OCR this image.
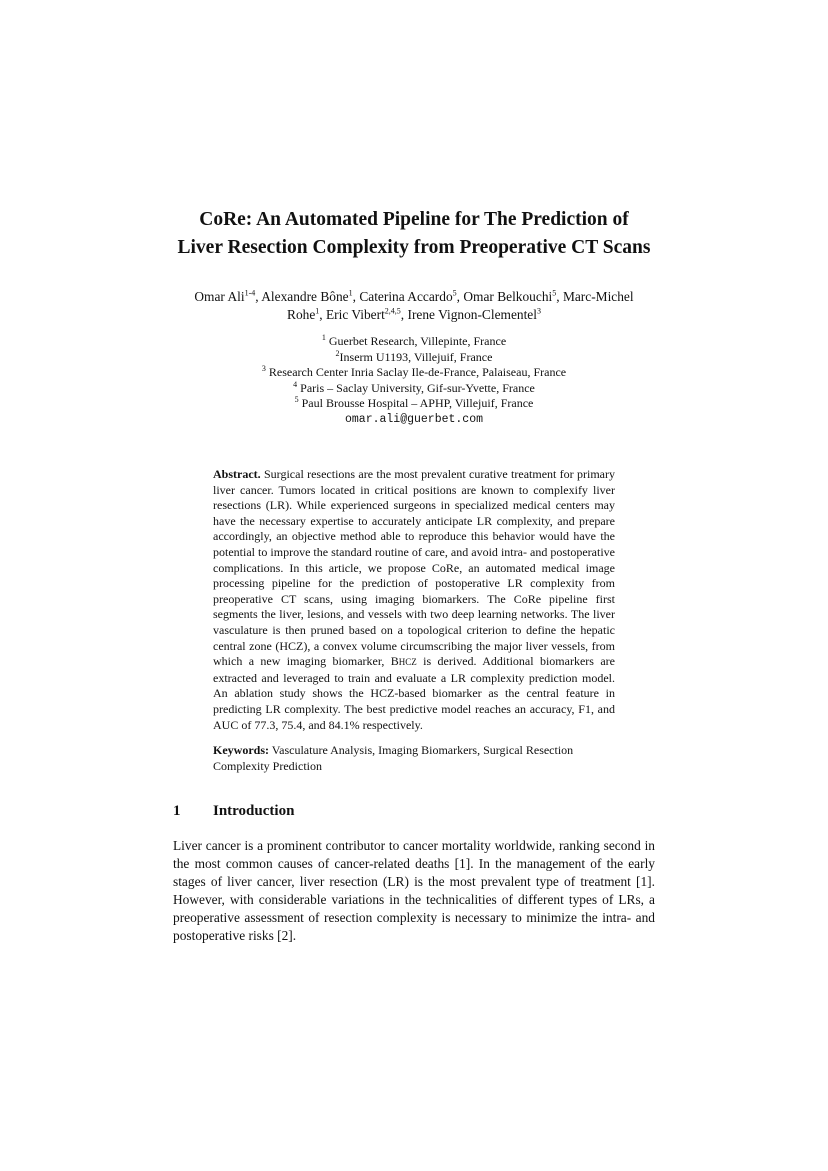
CoRe: An Automated Pipeline for The Prediction of
Liver Resection Complexity from Preoperative CT Scans
Omar Ali$^{1-4}$, Alexandre Bône$^1$, Caterina Accardo$^5$, Omar Belkouchi$^5$, Marc-Michel
Rohe$^1$, Eric Vibert$^{2,4,5}$, Irene Vignon-Clementel$^3$
$^1$ Guerbet Research, Villepinte, France
$^2$Inserm U1193, Villejuif, France
$^3$ Research Center Inria Saclay Ile-de-France, Palaiseau, France
$^4$ Paris – Saclay University, Gif-sur-Yvette, France
$^5$ Paul Brousse Hospital – APHP, Villejuif, France
omar.ali@guerbet.com

Abstract. Surgical resections are the most prevalent curative treatment for primary liver cancer. Tumors located in critical positions are known to complexify liver resections (LR). While experienced surgeons in specialized medical centers may have the necessary expertise to accurately anticipate LR complexity, and prepare accordingly, an objective method able to reproduce this behavior would have the potential to improve the standard routine of care, and avoid intra- and postoperative complications. In this article, we propose CoRe, an automated medical image processing pipeline for the prediction of postoperative LR complexity from preoperative CT scans, using imaging biomarkers. The CoRe pipeline first segments the liver, lesions, and vessels with two deep learning networks. The liver vasculature is then pruned based on a topological criterion to define the hepatic central zone (HCZ), a convex volume circumscribing the major liver vessels, from which a new imaging biomarker, BHCZ is derived. Additional biomarkers are extracted and leveraged to train and evaluate a LR complexity prediction model. An ablation study shows the HCZ-based biomarker as the central feature in predicting LR complexity. The best predictive model reaches an accuracy, F1, and AUC of 77.3, 75.4, and 84.1% respectively.

Keywords: Vasculature Analysis, Imaging Biomarkers, Surgical Resection Complexity Prediction

1 Introduction

Liver cancer is a prominent contributor to cancer mortality worldwide, ranking second in the most common causes of cancer-related deaths [1]. In the management of the early stages of liver cancer, liver resection (LR) is the most prevalent type of treatment [1]. However, with considerable variations in the technicalities of different types of LRs, a preoperative assessment of resection complexity is necessary to minimize the intra- and postoperative risks [2].
